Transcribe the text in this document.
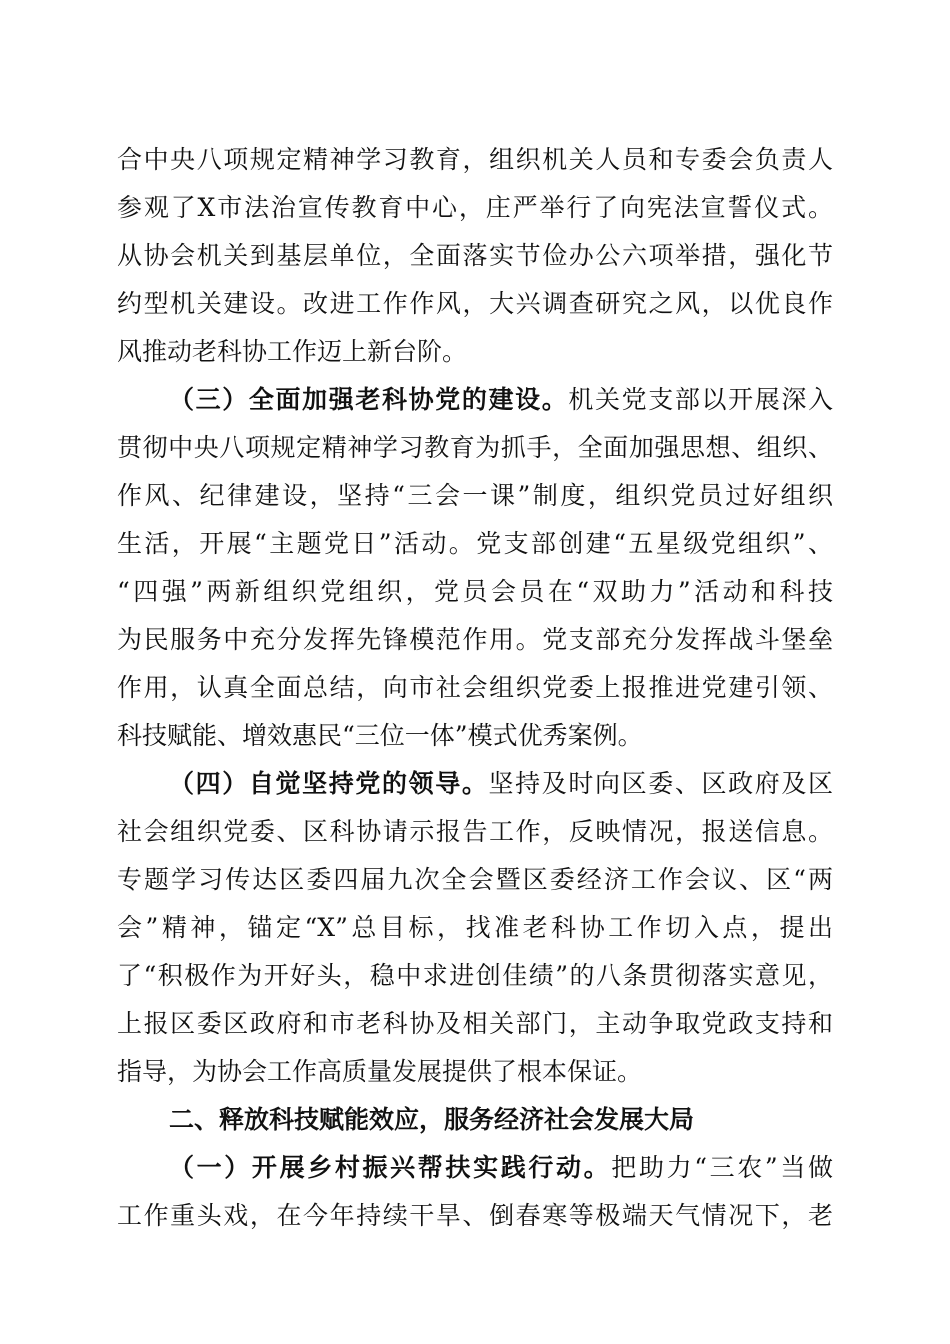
合中央八项规定精神学习教育，组织机关人员和专委会负责人
参观了X市法治宣传教育中心，庄严举行了向宪法宣誓仪式。
从协会机关到基层单位，全面落实节俭办公六项举措，强化节
约型机关建设。改进工作作风，大兴调查研究之风，以优良作
风推动老科协工作迈上新台阶。
（三）全面加强老科协党的建设。机关党支部以开展深入
贯彻中央八项规定精神学习教育为抓手，全面加强思想、组织、
作风、纪律建设，坚持“三会一课”制度，组织党员过好组织
生活，开展“主题党日”活动。党支部创建“五星级党组织”、
“四强”两新组织党组织，党员会员在“双助力”活动和科技
为民服务中充分发挥先锋模范作用。党支部充分发挥战斗堡垒
作用，认真全面总结，向市社会组织党委上报推进党建引领、
科技赋能、增效惠民“三位一体”模式优秀案例。
（四）自觉坚持党的领导。坚持及时向区委、区政府及区
社会组织党委、区科协请示报告工作，反映情况，报送信息。
专题学习传达区委四届九次全会暨区委经济工作会议、区“两
会”精神，锚定“X”总目标，找准老科协工作切入点，提出
了“积极作为开好头，稳中求进创佳绩”的八条贯彻落实意见，
上报区委区政府和市老科协及相关部门，主动争取党政支持和
指导，为协会工作高质量发展提供了根本保证。
二、释放科技赋能效应，服务经济社会发展大局
（一）开展乡村振兴帮扶实践行动。把助力“三农”当做
工作重头戏，在今年持续干旱、倒春寒等极端天气情况下，老
